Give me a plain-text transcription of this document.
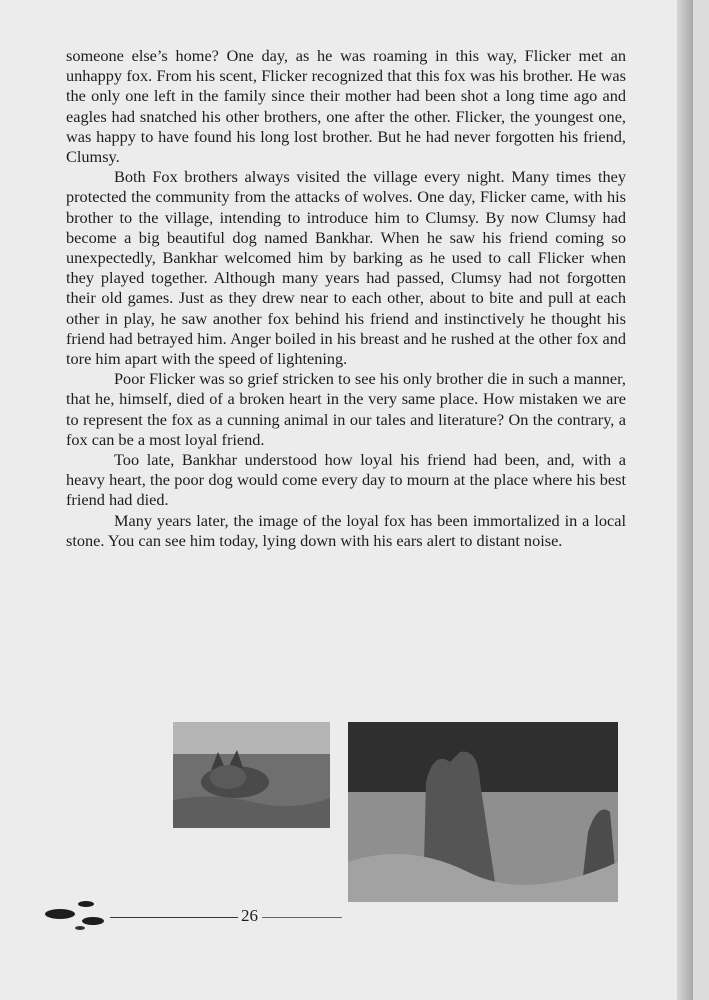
someone else’s home? One day, as he was roaming in this way, Flicker met an unhappy fox. From his scent, Flicker recognized that this fox was his brother. He was the only one left in the family since their mother had been shot a long time ago and eagles had snatched his other brothers, one after the other. Flicker, the youngest one, was happy to have found his long lost brother. But he had never forgotten his friend, Clumsy.

Both Fox brothers always visited the village every night. Many times they protected the community from the attacks of wolves. One day, Flicker came, with his brother to the village, intending to introduce him to Clumsy. By now Clumsy had become a big beautiful dog named Bankhar. When he saw his friend coming so unexpectedly, Bankhar welcomed him by barking as he used to call Flicker when they played together. Although many years had passed, Clumsy had not forgotten their old games. Just as they drew near to each other, about to bite and pull at each other in play, he saw another fox behind his friend and instinctively he thought his friend had betrayed him. Anger boiled in his breast and he rushed at the other fox and tore him apart with the speed of lightening.

Poor Flicker was so grief stricken to see his only brother die in such a manner, that he, himself, died of a broken heart in the very same place. How mistaken we are to represent the fox as a cunning animal in our tales and literature? On the contrary, a fox can be a most loyal friend.

Too late, Bankhar understood how loyal his friend had been, and, with a heavy heart, the poor dog would come every day to mourn at the place where his best friend had died.

Many years later, the image of the loyal fox has been immortalized in a local stone. You can see him today, lying down with his ears alert to distant noise.

26
